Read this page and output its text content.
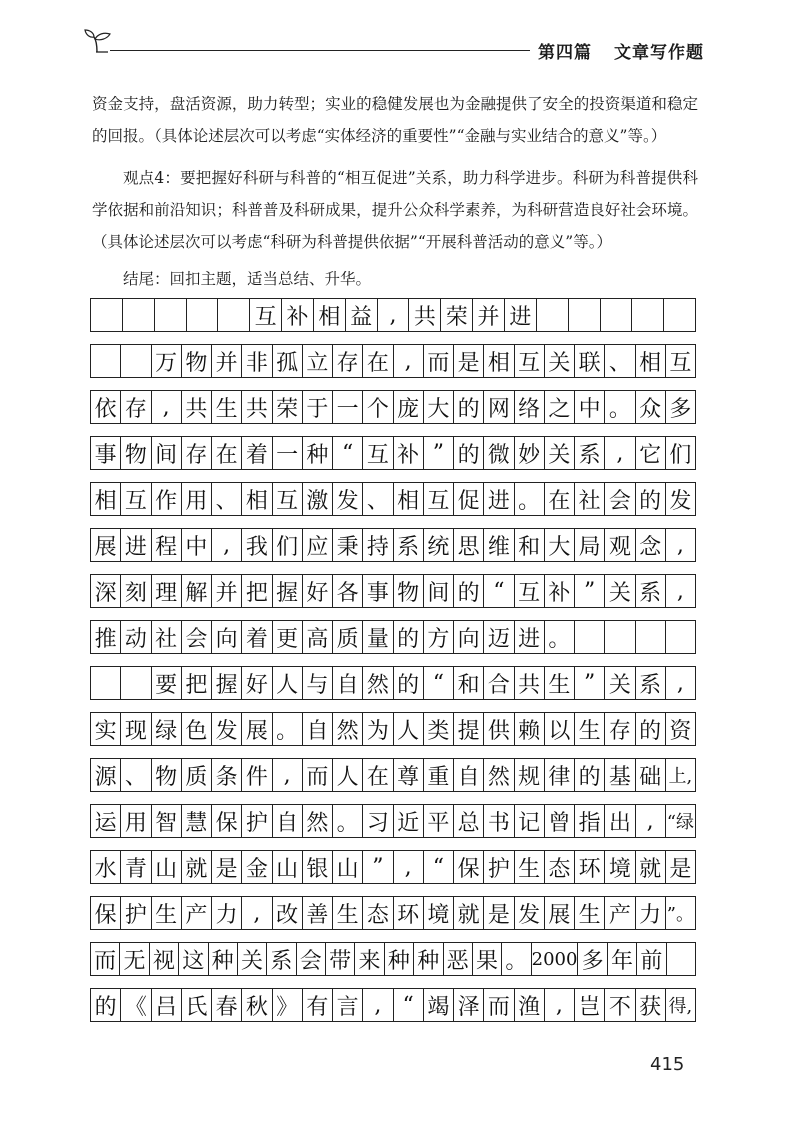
第四篇 文章写作题

资金支持，盘活资源，助力转型；实业的稳健发展也为金融提供了安全的投资渠道和稳定的回报。（具体论述层次可以考虑“实体经济的重要性”“金融与实业结合的意义”等。）

观点4：要把握好科研与科普的“相互促进”关系，助力科学进步。科研为科普提供科学依据和前沿知识；科普普及科研成果，提升公众科学素养，为科研营造良好社会环境。（具体论述层次可以考虑“科研为科普提供依据”“开展科普活动的意义”等。）

结尾：回扣主题，适当总结、升华。

互 补 相 益 , 共 荣 并 进
万 物 并 非 孤 立 存 在 , 而 是 相 互 关 联 、 相 互
依 存 , 共 生 共 荣 于 一 个 庞 大 的 网 络 之 中 。 众 多
事 物 间 存 在 着 一 种 “ 互 补 ” 的 微 妙 关 系 , 它 们
相 互 作 用 、 相 互 激 发 、 相 互 促 进 。 在 社 会 的 发
展 进 程 中 , 我 们 应 秉 持 系 统 思 维 和 大 局 观 念 ,
深 刻 理 解 并 把 握 好 各 事 物 间 的 “ 互 补 ” 关 系 ,
推 动 社 会 向 着 更 高 质 量 的 方 向 迈 进 。
要 把 握 好 人 与 自 然 的 “ 和 合 共 生 ” 关 系 ,
实 现 绿 色 发 展 。 自 然 为 人 类 提 供 赖 以 生 存 的 资
源 、 物 质 条 件 , 而 人 在 尊 重 自 然 规 律 的 基 础 上,
运 用 智 慧 保 护 自 然 。 习 近 平 总 书 记 曾 指 出 , “绿
水 青 山 就 是 金 山 银 山 ” , “ 保 护 生 态 环 境 就 是
保 护 生 产 力 , 改 善 生 态 环 境 就 是 发 展 生 产 力 ”。
而 无 视 这 种 关 系 会 带 来 种 种 恶 果 。 2000 多 年 前
的 《 吕 氏 春 秋 》 有 言 , “ 竭 泽 而 渔 , 岂 不 获 得,
415
